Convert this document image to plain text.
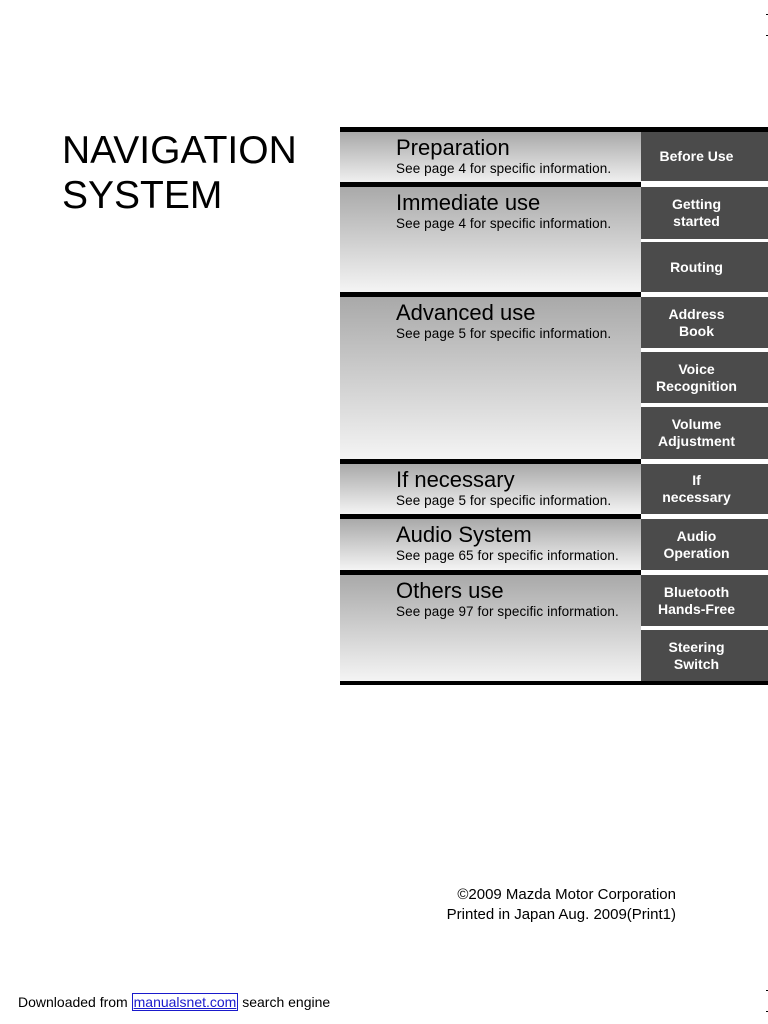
NAVIGATION
SYSTEM
Preparation
See page 4 for specific information.
Immediate use
See page 4 for specific information.
Advanced use
See page 5 for specific information.
If necessary
See page 5 for specific information.
Audio System
See page 65 for specific information.
Others use
See page 97 for specific information.
Before Use
Getting
started
Routing
Address
Book
Voice
Recognition
Volume
Adjustment
If
necessary
Audio
Operation
Bluetooth
Hands-Free
Steering
Switch
©2009 Mazda Motor Corporation
Printed in Japan Aug. 2009(Print1)
Downloaded from manualsnet.com search engine
